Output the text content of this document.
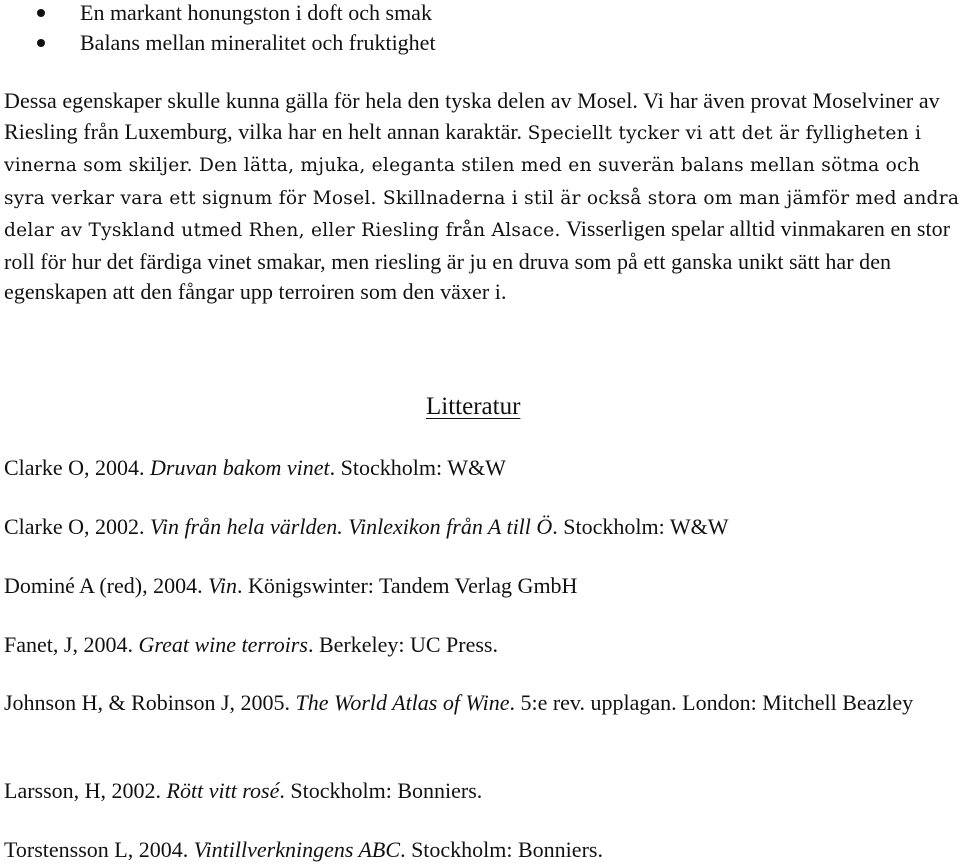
En markant honungston i doft och smak
Balans mellan mineralitet och fruktighet

Dessa egenskaper skulle kunna gälla för hela den tyska delen av Mosel. Vi har även provat Moselviner av Riesling från Luxemburg, vilka har en helt annan karaktär. Speciellt tycker vi att det är fylligheten i vinerna som skiljer. Den lätta, mjuka, eleganta stilen med en suverän balans mellan sötma och syra verkar vara ett signum för Mosel. Skillnaderna i stil är också stora om man jämför med andra delar av Tyskland utmed Rhen, eller Riesling från Alsace. Visserligen spelar alltid vinmakaren en stor roll för hur det färdiga vinet smakar, men riesling är ju en druva som på ett ganska unikt sätt har den egenskapen att den fångar upp terroiren som den växer i.

Litteratur

Clarke O, 2004. Druvan bakom vinet. Stockholm: W&W

Clarke O, 2002. Vin från hela världen. Vinlexikon från A till Ö. Stockholm: W&W

Dominé A (red), 2004. Vin. Königswinter: Tandem Verlag GmbH

Fanet, J, 2004. Great wine terroirs. Berkeley: UC Press.

Johnson H, & Robinson J, 2005. The World Atlas of Wine. 5:e rev. upplagan. London: Mitchell Beazley

Larsson, H, 2002. Rött vitt rosé. Stockholm: Bonniers.

Torstensson L, 2004. Vintillverkningens ABC. Stockholm: Bonniers.
